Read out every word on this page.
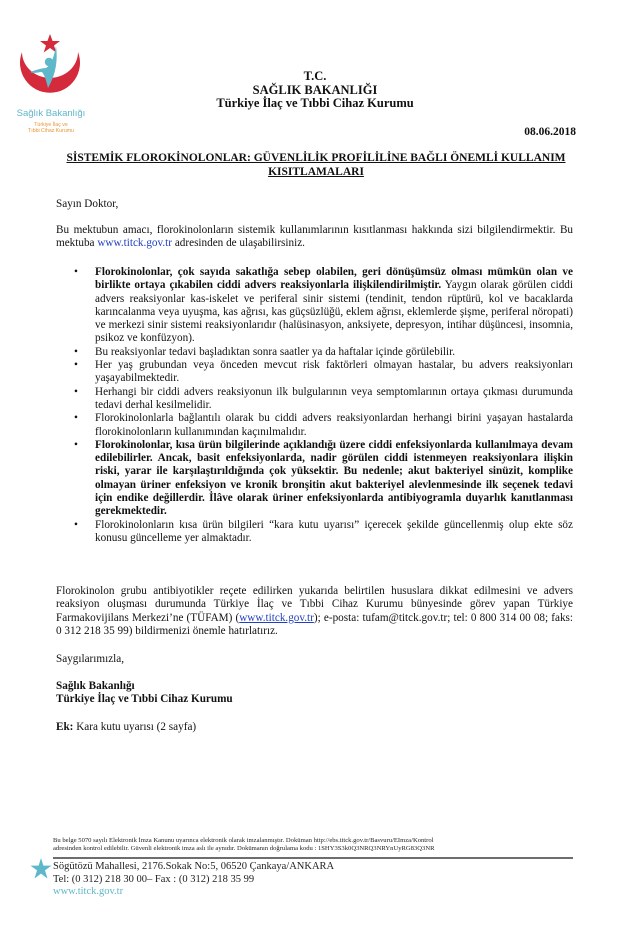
Sağlık Bakanlığı
Türkiye İlaç ve
Tıbbi Cihaz Kurumu
T.C.
SAĞLIK BAKANLIĞI
Türkiye İlaç ve Tıbbi Cihaz Kurumu
08.06.2018
SİSTEMİK FLOROKİNOLONLAR: GÜVENLİLİK PROFİLİLİNE BAĞLI ÖNEMLİ KULLANIM
KISITLAMALARI
Sayın Doktor,
Bu mektubun amacı, florokinolonların sistemik kullanımlarının kısıtlanması hakkında sizi bilgilendirmektir. Bu mektuba www.titck.gov.tr adresinden de ulaşabilirsiniz.
• Florokinolonlar, çok sayıda sakatlığa sebep olabilen, geri dönüşümsüz olması mümkün olan ve birlikte ortaya çıkabilen ciddi advers reaksiyonlarla ilişkilendirilmiştir. Yaygın olarak görülen ciddi advers reaksiyonlar kas-iskelet ve periferal sinir sistemi (tendinit, tendon rüptürü, kol ve bacaklarda karıncalanma veya uyuşma, kas ağrısı, kas güçsüzlüğü, eklem ağrısı, eklemlerde şişme, periferal nöropati) ve merkezi sinir sistemi reaksiyonlarıdır (halüsinasyon, anksiyete, depresyon, intihar düşüncesi, insomnia, psikoz ve konfüzyon).
• Bu reaksiyonlar tedavi başladıktan sonra saatler ya da haftalar içinde görülebilir.
• Her yaş grubundan veya önceden mevcut risk faktörleri olmayan hastalar, bu advers reaksiyonları yaşayabilmektedir.
• Herhangi bir ciddi advers reaksiyonun ilk bulgularının veya semptomlarının ortaya çıkması durumunda tedavi derhal kesilmelidir.
• Florokinolonlarla bağlantılı olarak bu ciddi advers reaksiyonlardan herhangi birini yaşayan hastalarda florokinolonların kullanımından kaçınılmalıdır.
• Florokinolonlar, kısa ürün bilgilerinde açıklandığı üzere ciddi enfeksiyonlarda kullanılmaya devam edilebilirler. Ancak, basit enfeksiyonlarda, nadir görülen ciddi istenmeyen reaksiyonlara ilişkin riski, yarar ile karşılaştırıldığında çok yüksektir. Bu nedenle; akut bakteriyel sinüzit, komplike olmayan üriner enfeksiyon ve kronik bronşitin akut bakteriyel alevlenmesinde ilk seçenek tedavi için endike değillerdir. İlâve olarak üriner enfeksiyonlarda antibiyogramla duyarlık kanıtlanması gerekmektedir.
• Florokinolonların kısa ürün bilgileri “kara kutu uyarısı” içerecek şekilde güncellenmiş olup ekte söz konusu güncelleme yer almaktadır.
Florokinolon grubu antibiyotikler reçete edilirken yukarıda belirtilen hususlara dikkat edilmesini ve advers reaksiyon oluşması durumunda Türkiye İlaç ve Tıbbi Cihaz Kurumu bünyesinde görev yapan Türkiye Farmakovijilans Merkezi’ne (TÜFAM) (www.titck.gov.tr); e-posta: tufam@titck.gov.tr; tel: 0 800 314 00 08; faks: 0 312 218 35 99) bildirmenizi önemle hatırlatırız.
Saygılarımızla,
Sağlık Bakanlığı
Türkiye İlaç ve Tıbbi Cihaz Kurumu
Ek: Kara kutu uyarısı (2 sayfa)
Bu belge 5070 sayılı Elektronik İmza Kanunu uyarınca elektronik olarak imzalanmıştır. Doküman http://ebs.titck.gov.tr/Basvuru/EImza/Kontrol
adresinden kontrol edilebilir. Güvenli elektronik imza aslı ile aynıdır. Dokümanın doğrulama kodu : 1SHY3S3k0Q3NRQ3NRYnUyRG83Q3NR
Sögütözü Mahallesi, 2176.Sokak No:5, 06520 Çankaya/ANKARA
Tel: (0 312) 218 30 00– Fax : (0 312) 218 35 99
www.titck.gov.tr
